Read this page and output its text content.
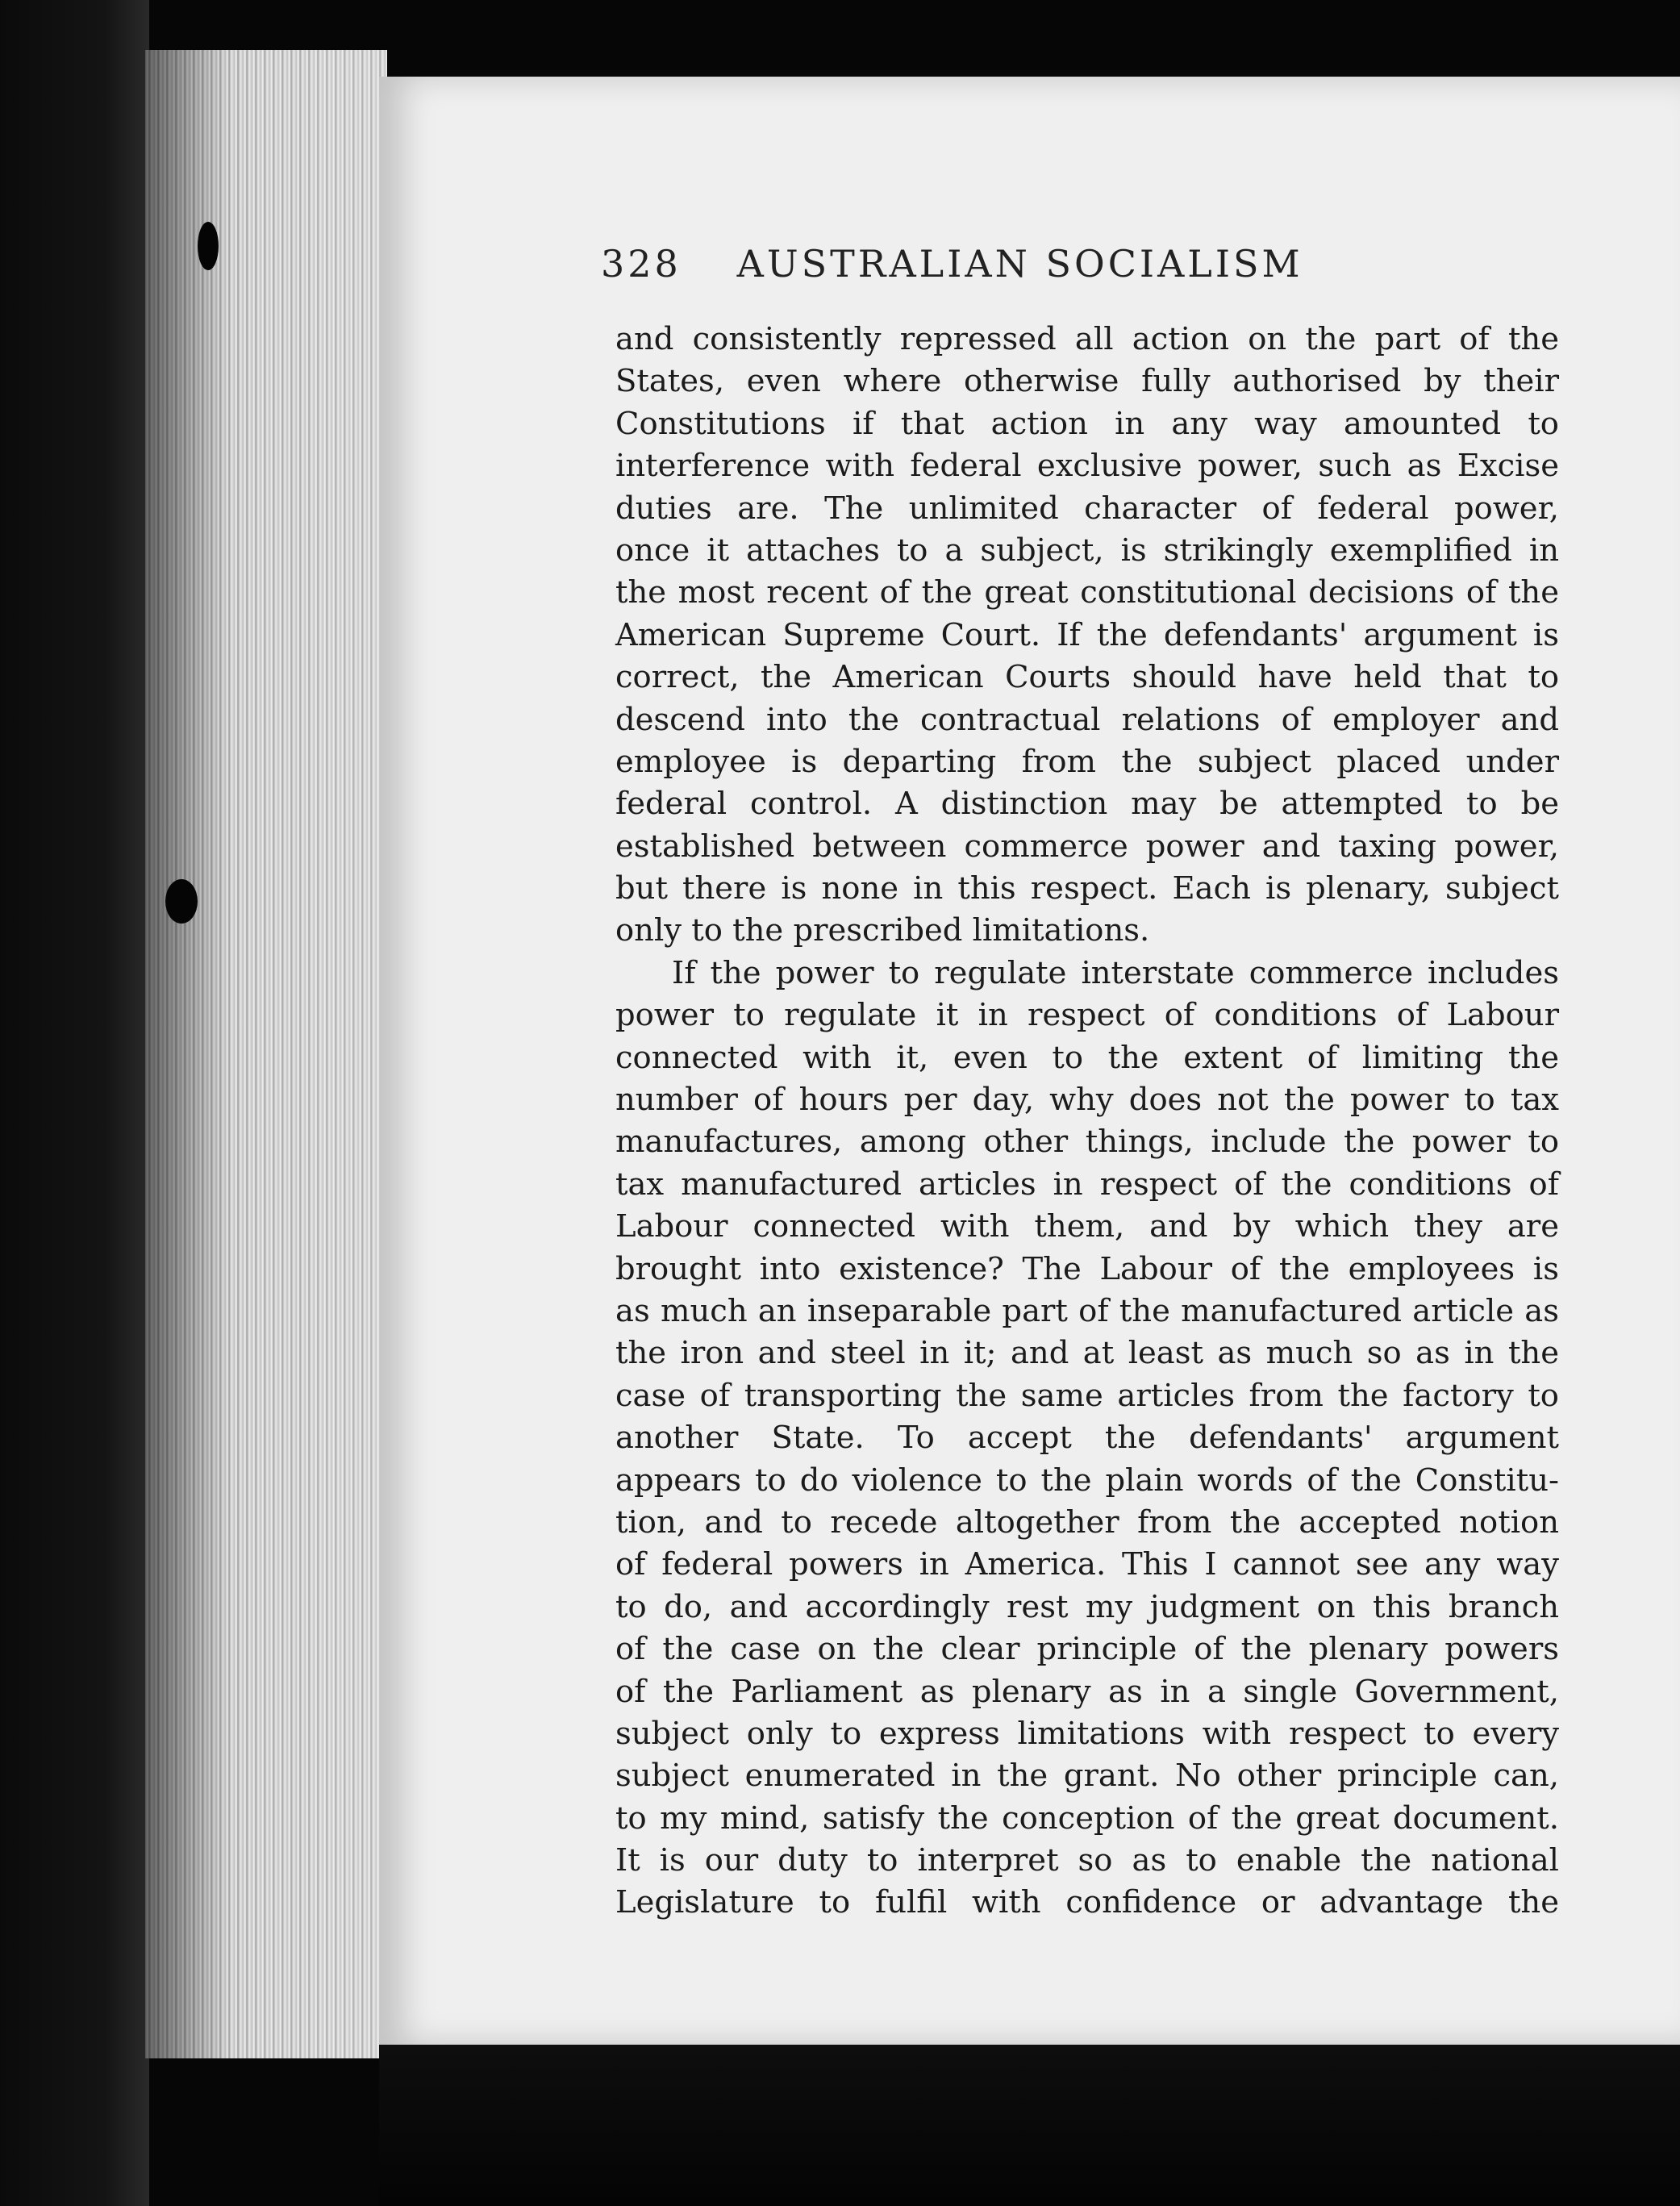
328 AUSTRALIAN SOCIALISM
and consistently repressed all action on the part of the
States, even where otherwise fully authorised by their
Constitutions if that action in any way amounted to
interference with federal exclusive power, such as Excise
duties are. The unlimited character of federal power,
once it attaches to a subject, is strikingly exemplified in
the most recent of the great constitutional decisions of the
American Supreme Court. If the defendants' argument is
correct, the American Courts should have held that to
descend into the contractual relations of employer and
employee is departing from the subject placed under
federal control. A distinction may be attempted to be
established between commerce power and taxing power,
but there is none in this respect. Each is plenary, subject
only to the prescribed limitations.
If the power to regulate interstate commerce includes
power to regulate it in respect of conditions of Labour
connected with it, even to the extent of limiting the
number of hours per day, why does not the power to tax
manufactures, among other things, include the power to
tax manufactured articles in respect of the conditions of
Labour connected with them, and by which they are
brought into existence? The Labour of the employees is
as much an inseparable part of the manufactured article as
the iron and steel in it; and at least as much so as in the
case of transporting the same articles from the factory to
another State. To accept the defendants' argument
appears to do violence to the plain words of the Constitu-
tion, and to recede altogether from the accepted notion
of federal powers in America. This I cannot see any way
to do, and accordingly rest my judgment on this branch
of the case on the clear principle of the plenary powers
of the Parliament as plenary as in a single Government,
subject only to express limitations with respect to every
subject enumerated in the grant. No other principle can,
to my mind, satisfy the conception of the great document.
It is our duty to interpret so as to enable the national
Legislature to fulfil with confidence or advantage the
